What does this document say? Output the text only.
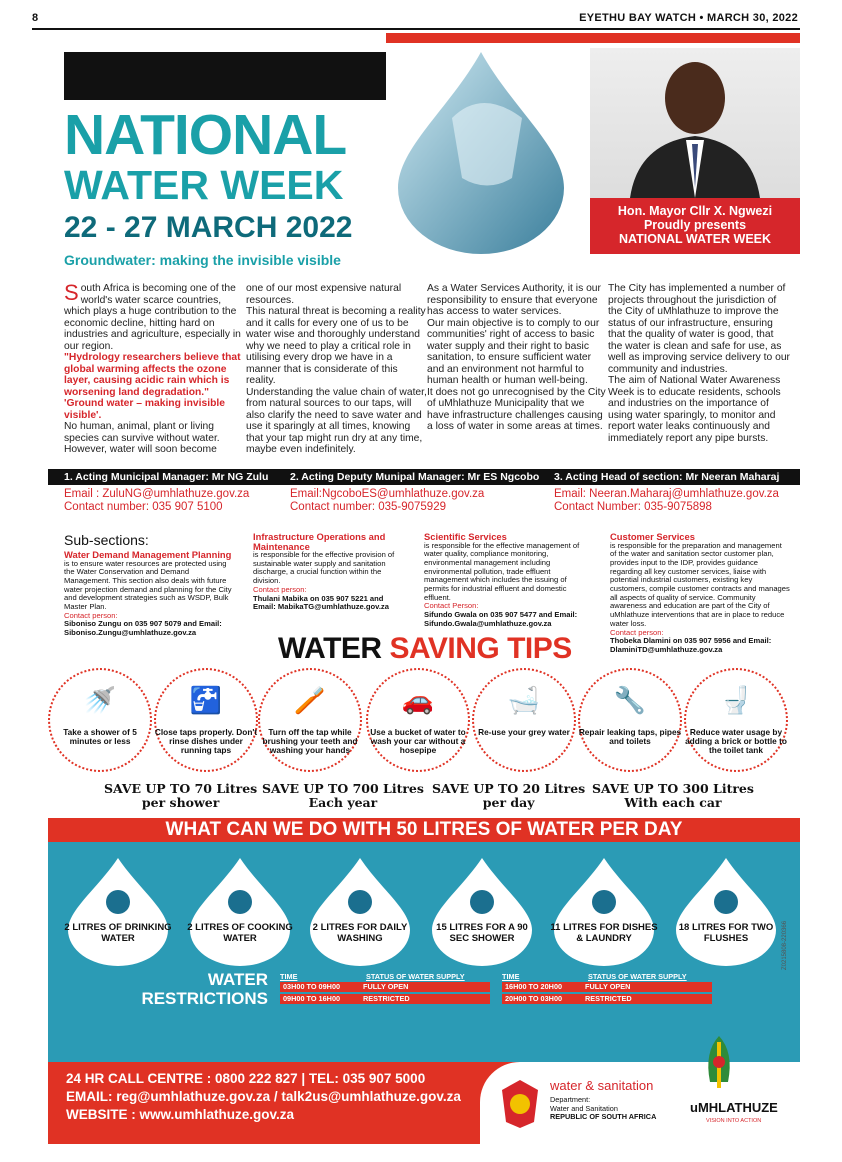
8	EYETHU BAY WATCH • MARCH 30, 2022
NATIONAL
WATER WEEK
22 - 27 MARCH 2022
Groundwater: making the invisible visible
Hon. Mayor Cllr X. Ngwezi
Proudly presents
NATIONAL WATER WEEK

South Africa is becoming one of the world's water scarce countries, which plays a huge contribution to the economic decline, hitting hard on industries and agriculture, especially in our region.

"Hydrology researchers believe that global warming affects the ozone layer, causing acidic rain which is worsening land degradation."

'Ground water – making invisible visible'.

No human, animal, plant or living species can survive without water. However, water will soon become

one of our most expensive natural resources.

This natural threat is becoming a reality and it calls for every one of us to be water wise and thoroughly understand why we need to play a critical role in utilising every drop we have in a manner that is considerate of this reality.

Understanding the value chain of water, from natural sources to our taps, will also clarify the need to save water and use it sparingly at all times, knowing that your tap might run dry at any time, maybe even indefinitely.

As a Water Services Authority, it is our responsibility to ensure that everyone has access to water services.

Our main objective is to comply to our communities' right of access to basic water supply and their right to basic sanitation, to ensure sufficient water and an environment not harmful to human health or human well-being.

It does not go unrecognised by the City of uMhlathuze Municipality that we have infrastructure challenges causing a loss of water in some areas at times.

The City has implemented a number of projects throughout the jurisdiction of the City of uMhlathuze to improve the status of our infrastructure, ensuring that the quality of water is good, that the water is clean and safe for use, as well as improving service delivery to our community and industries.

The aim of National Water Awareness Week is to educate residents, schools and industries on the importance of using water sparingly, to monitor and report water leaks continuously and immediately report any pipe bursts.

1. Acting Municipal Manager: Mr NG Zulu 2. Acting Deputy Munipal Manager: Mr ES Ngcobo 3. Acting Head of section: Mr Neeran Maharaj
Email : ZuluNG@umhlathuze.gov.za
Contact number: 035 907 5100
Email:NgcoboES@umhlathuze.gov.za
Contact number: 035-9075929
Email: Neeran.Maharaj@umhlathuze.gov.za
Contact Number: 035-9075898
Sub-sections:
Water Demand Management Planning
is to ensure water resources are protected using the Water Conservation and Demand Management. This section also deals with future water projection demand and planning for the City and development strategies such as WSDP, Bulk Master Plan.
Contact person:
Siboniso Zungu on 035 907 5079 and Email: Siboniso.Zungu@umhlathuze.gov.za
Infrastructure Operations and Maintenance
is responsible for the effective provision of sustainable water supply and sanitation discharge, a crucial function within the division.
Contact person:
Thulani Mabika on 035 907 5221 and Email: MabikaTG@umhlathuze.gov.za
Scientific Services
is responsible for the effective management of water quality, compliance monitoring, environmental management including environmental pollution, trade effluent management which includes the issuing of permits for industrial effluent and domestic effluent.
Contact Person:
Sifundo Gwala on 035 907 5477 and Email: Sifundo.Gwala@umhlathuze.gov.za
Customer Services
is responsible for the preparation and management of the water and sanitation sector customer plan, provides input to the IDP, provides guidance regarding all key customer services, liaise with potential industrial customers, existing key customers, compile customer contracts and manages all aspects of quality of service. Community awareness and education are part of the City of uMhlathuze interventions that are in place to reduce water loss.
Contact person:
Thobeka Dlamini on 035 907 5956 and Email: DlaminiTD@umhlathuze.gov.za
WATER SAVING TIPS
🚿
Take a shower of 5 minutes or less
🚰
Close taps properly. Don't rinse dishes under running taps
🪥
Turn off the tap while brushing your teeth and washing your hands
🚗
Use a bucket of water to wash your car without a hosepipe
🛁
Re-use your grey water
🔧
Repair leaking taps, pipes and toilets
🚽
Reduce water usage by adding a brick or bottle to the toilet tank
SAVE UP TO 70 Litres
per shower
SAVE UP TO 700 Litres
Each year
SAVE UP TO 20 Litres
per day
SAVE UP TO 300 Litres
With each car
WHAT CAN WE DO WITH 50 LITRES OF WATER PER DAY
2 LITRES OF DRINKING WATER
2 LITRES OF COOKING WATER
2 LITRES FOR DAILY WASHING
15 LITRES FOR A 90 SEC SHOWER
11 LITRES FOR DISHES & LAUNDRY
18 LITRES FOR TWO FLUSHES
WATER
RESTRICTIONS
TIME	STATUS OF WATER SUPPLY
03H00 TO 09H00	FULLY OPEN
09H00 TO 16H00	RESTRICTED
TIME	STATUS OF WATER SUPPLY
16H00 TO 20H00	FULLY OPEN
20H00 TO 03H00	RESTRICTED
Z0215808-220366
24 HR CALL CENTRE : 0800 222 827 | TEL: 035 907 5000
EMAIL: reg@umhlathuze.gov.za / talk2us@umhlathuze.gov.za
WEBSITE : www.umhlathuze.gov.za
water & sanitation
Department:
Water and Sanitation
REPUBLIC OF SOUTH AFRICA
uMHLATHUZE
VISION INTO ACTION
